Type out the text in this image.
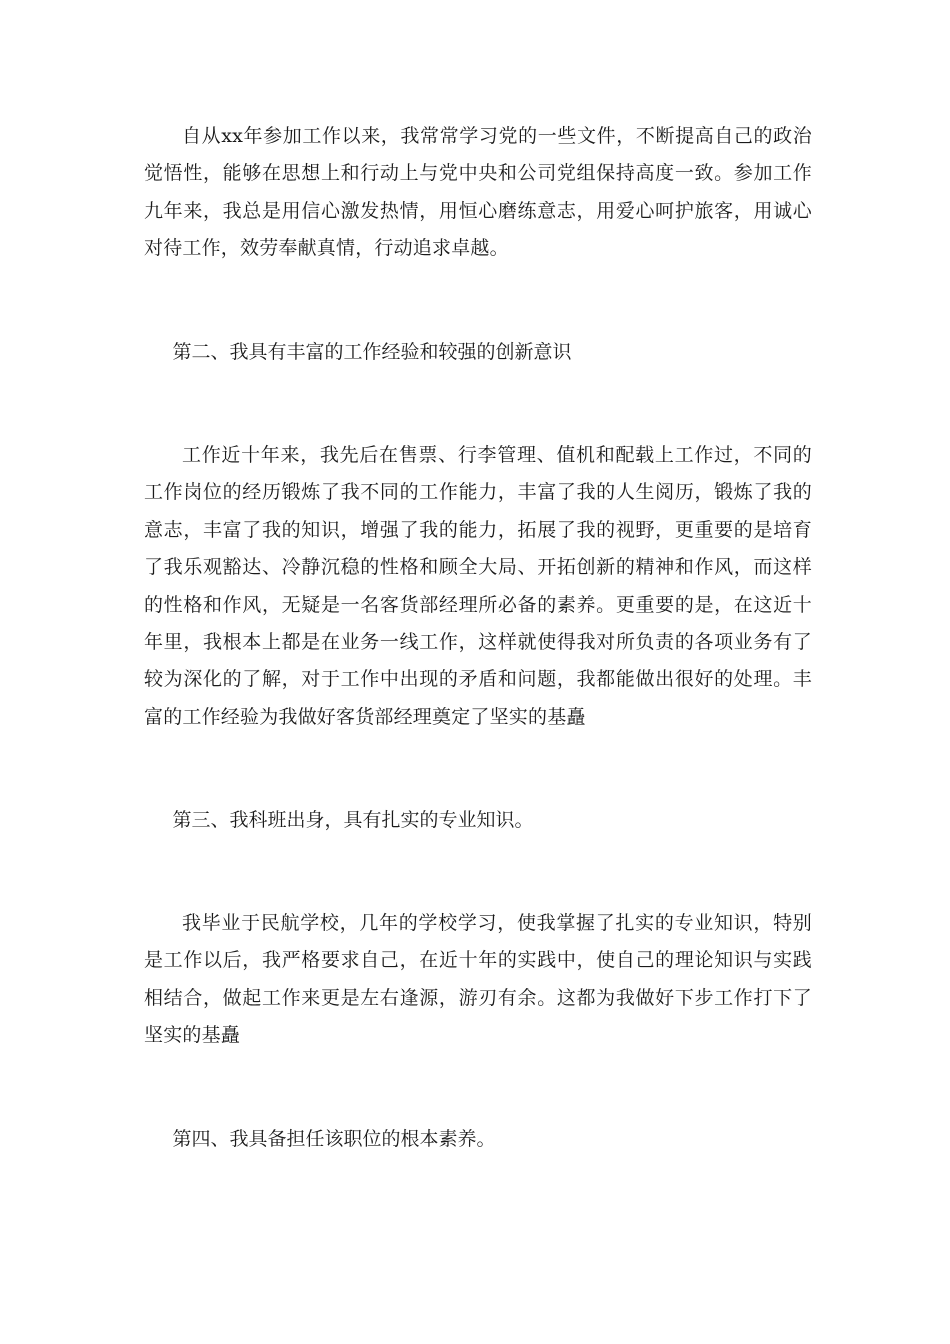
自从xx年参加工作以来，我常常学习党的一些文件，不断提高自己的政治觉悟性，能够在思想上和行动上与党中央和公司党组保持高度一致。参加工作九年来，我总是用信心激发热情，用恒心磨练意志，用爱心呵护旅客，用诚心对待工作，效劳奉献真情，行动追求卓越。

第二、我具有丰富的工作经验和较强的创新意识

工作近十年来，我先后在售票、行李管理、值机和配载上工作过，不同的工作岗位的经历锻炼了我不同的工作能力，丰富了我的人生阅历，锻炼了我的意志，丰富了我的知识，增强了我的能力，拓展了我的视野，更重要的是培育了我乐观豁达、冷静沉稳的性格和顾全大局、开拓创新的精神和作风，而这样的性格和作风，无疑是一名客货部经理所必备的素养。更重要的是，在这近十年里，我根本上都是在业务一线工作，这样就使得我对所负责的各项业务有了较为深化的了解，对于工作中出现的矛盾和问题，我都能做出很好的处理。丰富的工作经验为我做好客货部经理奠定了坚实的基矗

第三、我科班出身，具有扎实的专业知识。

我毕业于民航学校，几年的学校学习，使我掌握了扎实的专业知识，特别是工作以后，我严格要求自己，在近十年的实践中，使自己的理论知识与实践相结合，做起工作来更是左右逢源，游刃有余。这都为我做好下步工作打下了坚实的基矗

第四、我具备担任该职位的根本素养。
